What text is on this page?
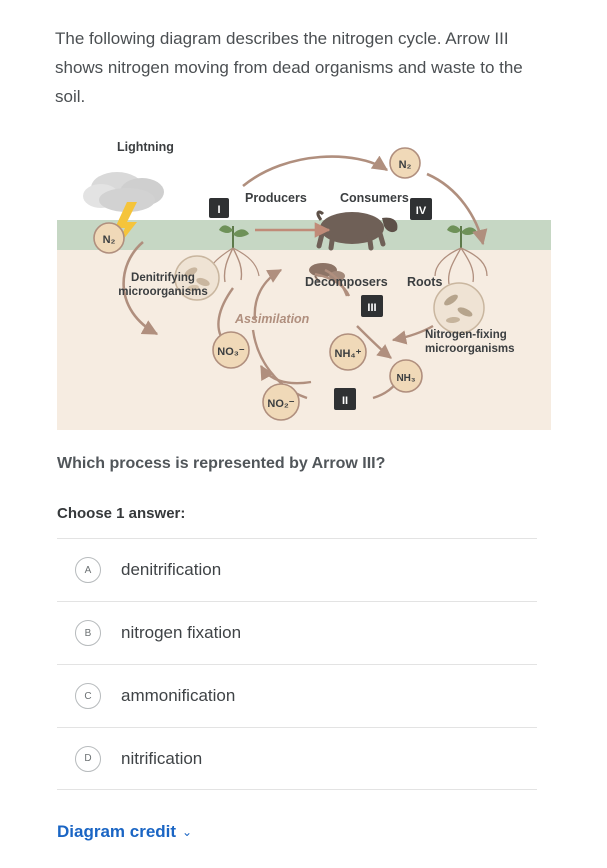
The following diagram describes the nitrogen cycle. Arrow III shows nitrogen moving from dead organisms and waste to the soil.
N₂
N₂
NO₃⁻
NO₂⁻
NH₄⁺
NH₃
I
II
III
IV
Lightning
Producers	Consumers
Decomposers Roots
Denitrifying
microorganisms
Assimilation
Nitrogen-fixing
microorganisms
Which process is represented by Arrow III?
Choose 1 answer:
A	denitrification
B	nitrogen fixation
C	ammonification
D	nitrification
Diagram credit ⌄
